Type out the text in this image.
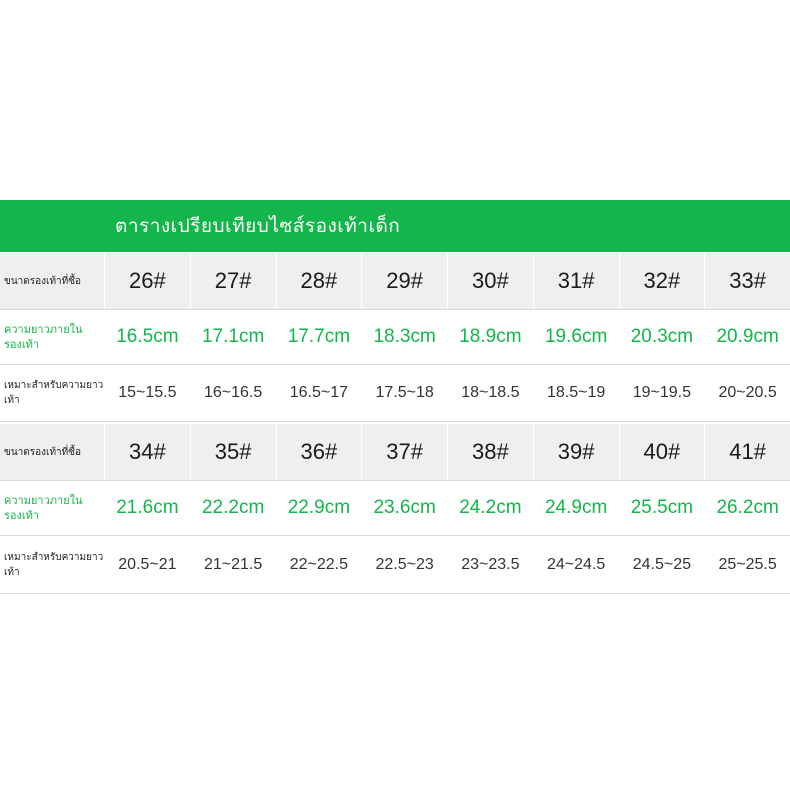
ตารางเปรียบเทียบไซส์รองเท้าเด็ก
ขนาดรองเท้าที่ซื้อ	26#	27#	28#	29#	30#	31#	32#	33#
ความยาวภายในรองเท้า	16.5cm	17.1cm	17.7cm	18.3cm	18.9cm	19.6cm	20.3cm	20.9cm
เหมาะสำหรับความยาวเท้า	15~15.5	16~16.5	16.5~17	17.5~18	18~18.5	18.5~19	19~19.5	20~20.5
ขนาดรองเท้าที่ซื้อ	34#	35#	36#	37#	38#	39#	40#	41#
ความยาวภายในรองเท้า	21.6cm	22.2cm	22.9cm	23.6cm	24.2cm	24.9cm	25.5cm	26.2cm
เหมาะสำหรับความยาวเท้า	20.5~21	21~21.5	22~22.5	22.5~23	23~23.5	24~24.5	24.5~25	25~25.5
